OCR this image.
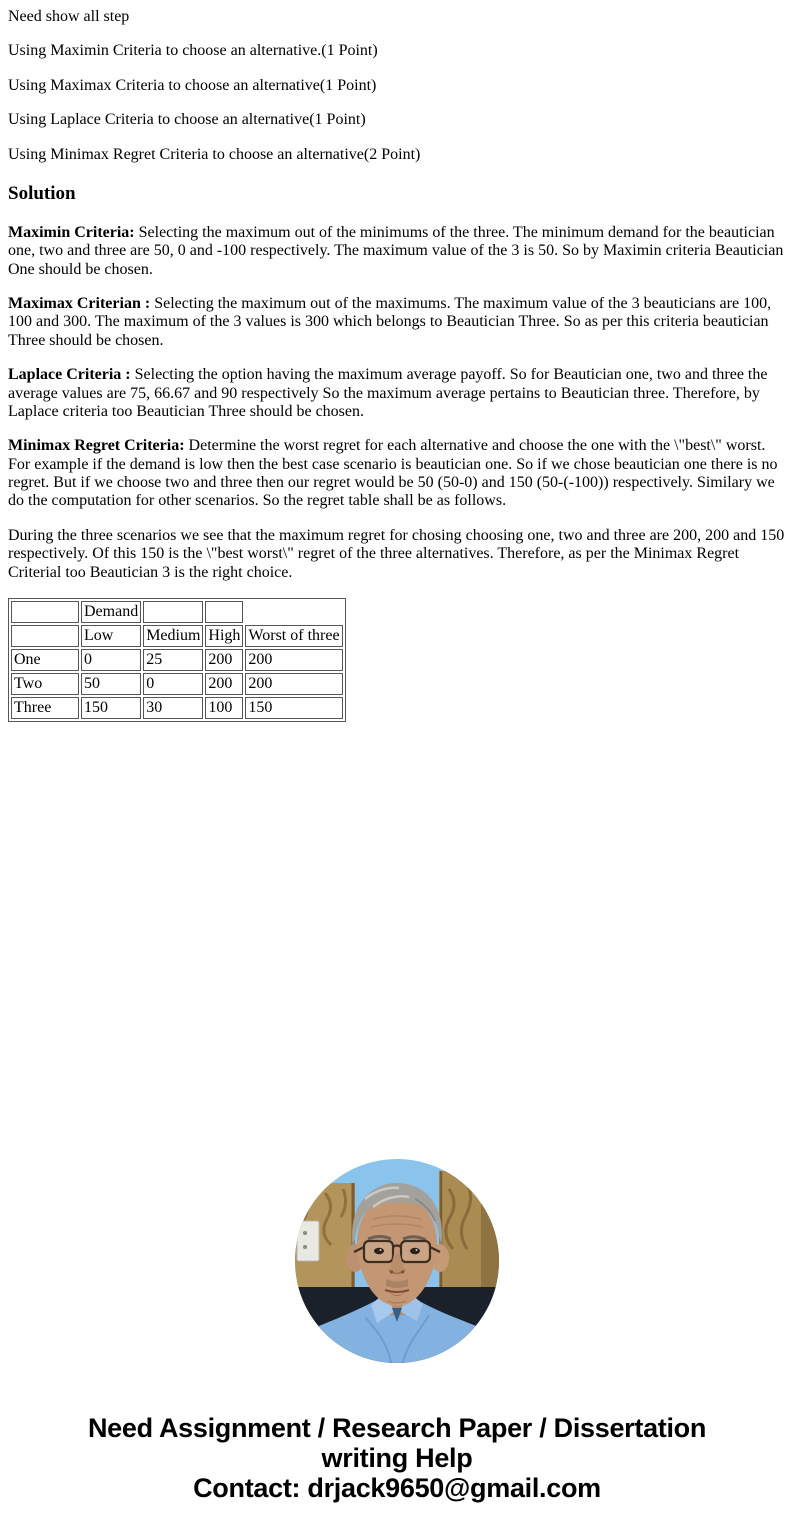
Need show all step

Using Maximin Criteria to choose an alternative.(1 Point)

Using Maximax Criteria to choose an alternative(1 Point)

Using Laplace Criteria to choose an alternative(1 Point)

Using Minimax Regret Criteria to choose an alternative(2 Point)

Solution

Maximin Criteria: Selecting the maximum out of the minimums of the three. The minimum demand for the beautician one, two and three are 50, 0 and -100 respectively. The maximum value of the 3 is 50. So by Maximin criteria Beautician One should be chosen.

Maximax Criterian : Selecting the maximum out of the maximums. The maximum value of the 3 beauticians are 100, 100 and 300. The maximum of the 3 values is 300 which belongs to Beautician Three. So as per this criteria beautician Three should be chosen.

Laplace Criteria : Selecting the option having the maximum average payoff. So for Beautician one, two and three the average values are 75, 66.67 and 90 respectively So the maximum average pertains to Beautician three. Therefore, by Laplace criteria too Beautician Three should be chosen.

Minimax Regret Criteria: Determine the worst regret for each alternative and choose the one with the \"best\" worst. For example if the demand is low then the best case scenario is beautician one. So if we chose beautician one there is no regret. But if we choose two and three then our regret would be 50 (50-0) and 150 (50-(-100)) respectively. Similary we do the computation for other scenarios. So the regret table shall be as follows.

During the three scenarios we see that the maximum regret for chosing choosing one, two and three are 200, 200 and 150 respectively. Of this 150 is the \"best worst\" regret of the three alternatives. Therefore, as per the Minimax Regret Criterial too Beautician 3 is the right choice.

	Demand			
	Low	Medium	High	Worst of three
One	0	25	200	200
Two	50	0	200	200
Three	150	30	100	150
Need Assignment / Research Paper / Dissertation
writing Help
Contact: drjack9650@gmail.com
